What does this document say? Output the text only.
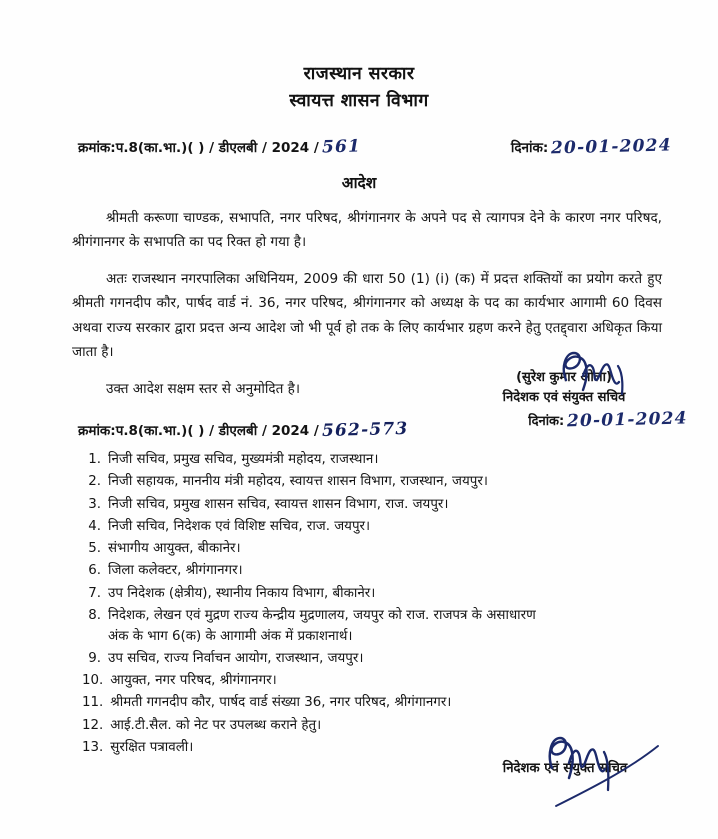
राजस्थान सरकार
स्वायत्त शासन विभाग
क्रमांक:प.8(का.भा.)( ) / डीएलबी / 2024 / 561	दिनांक: 20-01-2024
आदेश

श्रीमती करूणा चाण्डक, सभापति, नगर परिषद, श्रीगंगानगर के अपने पद से त्यागपत्र देने के कारण नगर परिषद, श्रीगंगानगर के सभापति का पद रिक्त हो गया है।

अतः राजस्थान नगरपालिका अधिनियम, 2009 की धारा 50 (1) (i) (क) में प्रदत्त शक्तियों का प्रयोग करते हुए श्रीमती गगनदीप कौर, पार्षद वार्ड नं. 36, नगर परिषद, श्रीगंगानगर को अध्यक्ष के पद का कार्यभार आगामी 60 दिवस अथवा राज्य सरकार द्वारा प्रदत्त अन्य आदेश जो भी पूर्व हो तक के लिए कार्यभार ग्रहण करने हेतु एतद्द्वारा अधिकृत किया जाता है।

उक्त आदेश सक्षम स्तर से अनुमोदित है।

(सुरेश कुमार ओला)
निदेशक एवं संयुक्त सचिव
दिनांक: 20-01-2024
क्रमांक:प.8(का.भा.)( ) / डीएलबी / 2024 / 562-573
1. निजी सचिव, प्रमुख सचिव, मुख्यमंत्री महोदय, राजस्थान।
2. निजी सहायक, माननीय मंत्री महोदय, स्वायत्त शासन विभाग, राजस्थान, जयपुर।
3. निजी सचिव, प्रमुख शासन सचिव, स्वायत्त शासन विभाग, राज. जयपुर।
4. निजी सचिव, निदेशक एवं विशिष्ट सचिव, राज. जयपुर।
5. संभागीय आयुक्त, बीकानेर।
6. जिला कलेक्टर, श्रीगंगानगर।
7. उप निदेशक (क्षेत्रीय), स्थानीय निकाय विभाग, बीकानेर।
8. निदेशक, लेखन एवं मुद्रण राज्य केन्द्रीय मुद्रणालय, जयपुर को राज. राजपत्र के असाधारण
अंक के भाग 6(क) के आगामी अंक में प्रकाशनार्थ।
9. उप सचिव, राज्य निर्वाचन आयोग, राजस्थान, जयपुर।
10. आयुक्त, नगर परिषद, श्रीगंगानगर।
11. श्रीमती गगनदीप कौर, पार्षद वार्ड संख्या 36, नगर परिषद, श्रीगंगानगर।
12. आई.टी.सैल. को नेट पर उपलब्ध कराने हेतु।
13. सुरक्षित पत्रावली।
निदेशक एवं संयुक्त सचिव
